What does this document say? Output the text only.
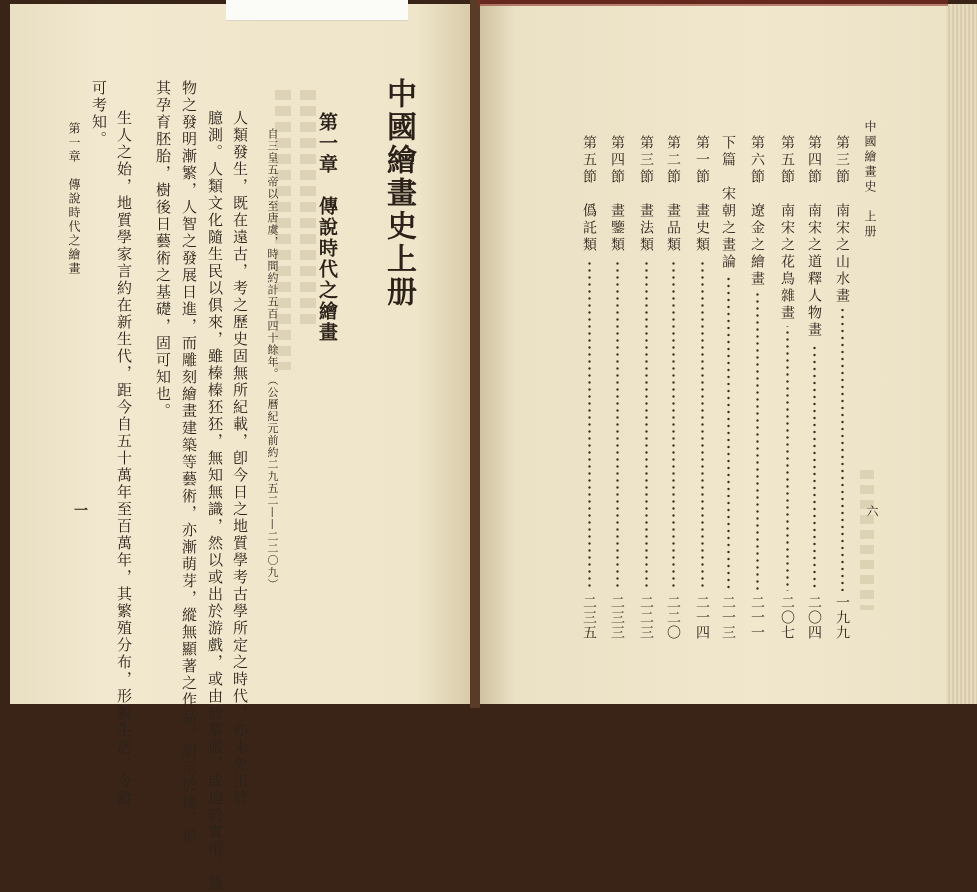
中國繪畫史上册
第一章　傳說時代之繪畫
自三皇五帝以至唐虞，時間約計五百四十餘年。（公曆紀元前約二九五二——二二〇九）
人類發生，既在遠古，考之歷史固無所紀載，卽今日之地質學考古學所定之時代，亦未免出於
臆測。人類文化隨生民以俱來，雖榛榛狉狉，無知無識，然以或出於游戲，或由於摹倣，或迫於實用，器
物之發明漸繁，人智之發展日進，而雕刻繪畫建築等藝術，亦漸萌芽，縱無顯著之作品，詔示於後，但
其孕育胚胎，樹後日藝術之基礎，固可知也。
生人之始，地質學家言約在新生代，距今自五十萬年至百萬年，其繁殖分布，形貌生活，今蹤
可考知。
第一章　傳說時代之繪畫
一
中國繪畫史　上册
六
第三節　南宋之山水畫
一九九
第四節　南宋之道釋人物畫
二〇四
第五節　南宋之花鳥雜畫
二〇七
第六節　遼金之繪畫
二一一
下篇　宋朝之畫論
二一三
第一節　畫史類
二一四
第二節　畫品類
二二〇
第三節　畫法類
二二三
第四節　畫鑒類
二三三
第五節　僞託類
二三五
